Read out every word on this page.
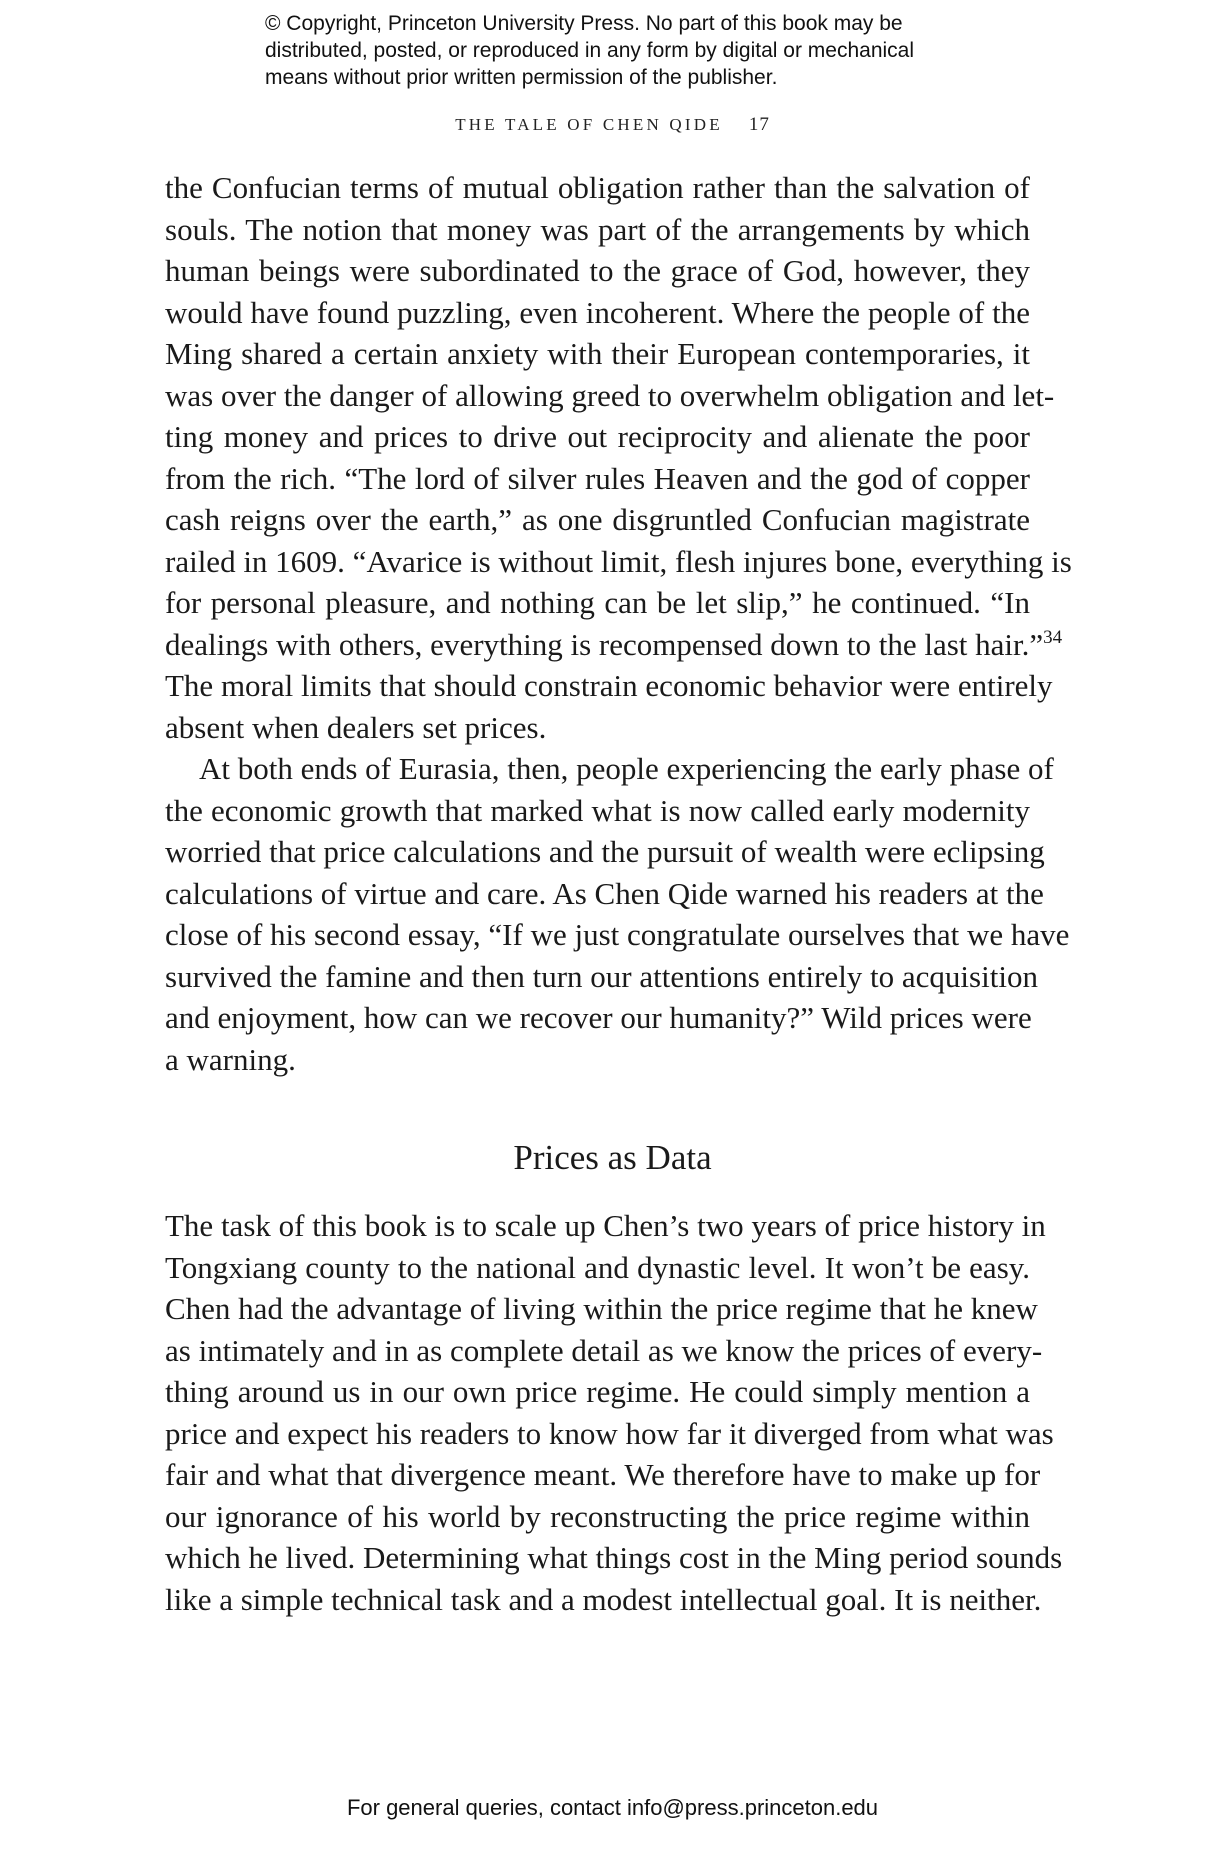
© Copyright, Princeton University Press. No part of this book may be
distributed, posted, or reproduced in any form by digital or mechanical
means without prior written permission of the publisher.
THE TALE OF CHEN QIDE 17
the Confucian terms of mutual obligation rather than the salvation of
souls. The notion that money was part of the arrangements by which
human beings were subordinated to the grace of God, however, they
would have found puzzling, even incoherent. Where the people of the
Ming shared a certain anxiety with their European contemporaries, it
was over the danger of allowing greed to overwhelm obligation and let-
ting money and prices to drive out reciprocity and alienate the poor
from the rich. “The lord of silver rules Heaven and the god of copper
cash reigns over the earth,” as one disgruntled Confucian magistrate
railed in 1609. “Avarice is without limit, flesh injures bone, everything is
for personal pleasure, and nothing can be let slip,” he continued. “In
dealings with others, everything is recompensed down to the last hair.”$^{34}$
The moral limits that should constrain economic behavior were entirely
absent when dealers set prices.
At both ends of Eurasia, then, people experiencing the early phase of
the economic growth that marked what is now called early modernity
worried that price calculations and the pursuit of wealth were eclipsing
calculations of virtue and care. As Chen Qide warned his readers at the
close of his second essay, “If we just congratulate ourselves that we have
survived the famine and then turn our attentions entirely to acquisition
and enjoyment, how can we recover our humanity?” Wild prices were
a warning.
Prices as Data
The task of this book is to scale up Chen’s two years of price history in
Tongxiang county to the national and dynastic level. It won’t be easy.
Chen had the advantage of living within the price regime that he knew
as intimately and in as complete detail as we know the prices of every-
thing around us in our own price regime. He could simply mention a
price and expect his readers to know how far it diverged from what was
fair and what that divergence meant. We therefore have to make up for
our ignorance of his world by reconstructing the price regime within
which he lived. Determining what things cost in the Ming period sounds
like a simple technical task and a modest intellectual goal. It is neither.
For general queries, contact info@press.princeton.edu
